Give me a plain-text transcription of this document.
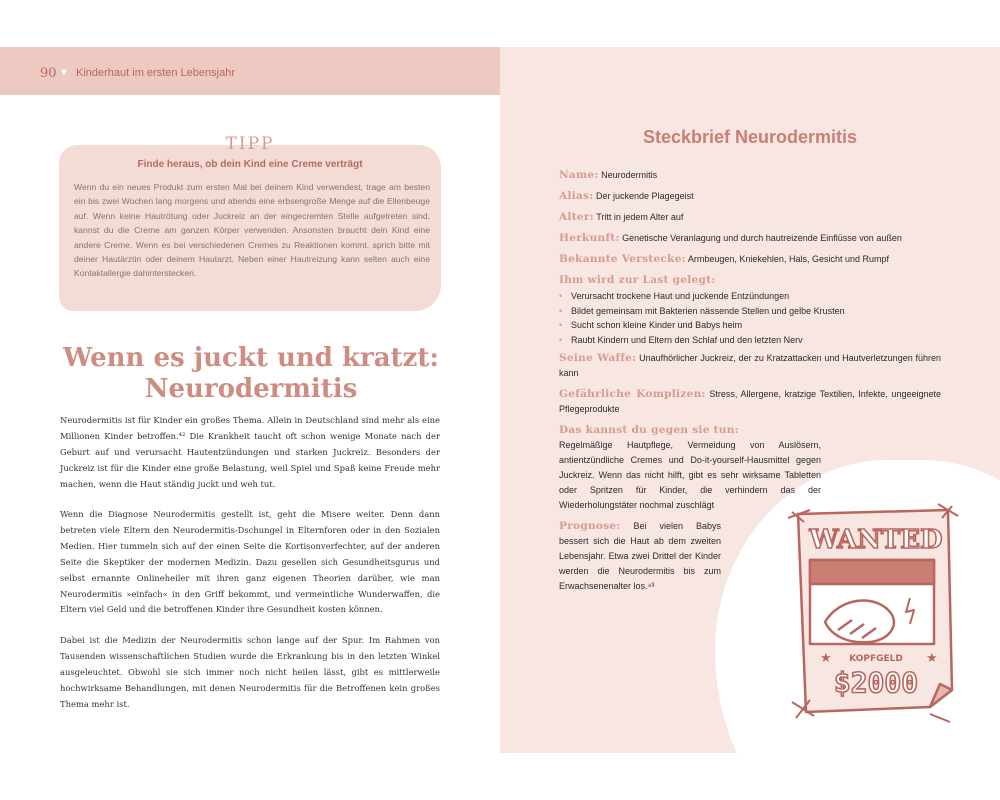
90 ♥ Kinderhaut im ersten Lebensjahr
TIPP
Finde heraus, ob dein Kind eine Creme verträgt
Wenn du ein neues Produkt zum ersten Mal bei deinem Kind verwendest, trage am besten ein bis zwei Wochen lang morgens und abends eine erbsengroße Menge auf die Ellenbeuge auf. Wenn keine Hautrötung oder Juckreiz an der eingecremten Stelle aufgetreten sind, kannst du die Creme am ganzen Körper verwenden. Ansonsten braucht dein Kind eine andere Creme. Wenn es bei verschiedenen Cremes zu Reaktionen kommt, sprich bitte mit deiner Hautärztin oder deinem Hautarzt. Neben einer Hautreizung kann selten auch eine Kontaktallergie dahinterstecken.
Wenn es juckt und kratzt:
Neurodermitis
Neurodermitis ist für Kinder ein großes Thema. Allein in Deutschland sind mehr als eine Millionen Kinder betroffen.⁴² Die Krankheit taucht oft schon wenige Monate nach der Geburt auf und verursacht Hautentzündungen und starken Juckreiz. Besonders der Juckreiz ist für die Kinder eine große Belastung, weil Spiel und Spaß keine Freude mehr machen, wenn die Haut ständig juckt und weh tut.
Wenn die Diagnose Neurodermitis gestellt ist, geht die Misere weiter. Denn dann betreten viele Eltern den Neurodermitis-Dschungel in Elternforen oder in den Sozialen Medien. Hier tummeln sich auf der einen Seite die Kortisonverfechter, auf der anderen Seite die Skeptiker der modernen Medizin. Dazu gesellen sich Gesundheitsgurus und selbst ernannte Onlineheiler mit ihren ganz eigenen Theorien darüber, wie man Neurodermitis »einfach« in den Griff bekommt, und vermeintliche Wunderwaffen, die Eltern viel Geld und die betroffenen Kinder ihre Gesundheit kosten können.
Dabei ist die Medizin der Neurodermitis schon lange auf der Spur. Im Rahmen von Tausenden wissenschaftlichen Studien wurde die Erkrankung bis in den letzten Winkel ausgeleuchtet. Obwohl sie sich immer noch nicht heilen lässt, gibt es mittlerweile hochwirksame Behandlungen, mit denen Neurodermitis für die Betroffenen kein großes Thema mehr ist.
Steckbrief Neurodermitis
Name: Neurodermitis
Alias: Der juckende Plagegeist
Alter: Tritt in jedem Alter auf
Herkunft: Genetische Veranlagung und durch hautreizende Einflüsse von außen
Bekannte Verstecke: Armbeugen, Kniekehlen, Hals, Gesicht und Rumpf
Ihm wird zur Last gelegt:
• Verursacht trockene Haut und juckende Entzündungen
• Bildet gemeinsam mit Bakterien nässende Stellen und gelbe Krusten
• Sucht schon kleine Kinder und Babys heim
• Raubt Kindern und Eltern den Schlaf und den letzten Nerv
Seine Waffe: Unaufhörlicher Juckreiz, der zu Kratzattacken und Hautverletzungen führen kann
Gefährliche Komplizen: Stress, Allergene, kratzige Textilien, Infekte, ungeeignete Pflegeprodukte
Das kannst du gegen sie tun:
Regelmäßige Hautpflege, Vermeidung von Auslösern, antientzündliche Cremes und Do-it-yourself-Hausmittel gegen Juckreiz. Wenn das nicht hilft, gibt es sehr wirksame Tabletten oder Spritzen für Kinder, die verhindern das der Wiederholungstäter nochmal zuschlägt
Prognose: Bei vielen Babys bessert sich die Haut ab dem zweiten Lebensjahr. Etwa zwei Drittel der Kinder werden die Neurodermitis bis zum Erwachsenenalter los.⁴³
WANTED
★	★
KOPFGELD
$2000
